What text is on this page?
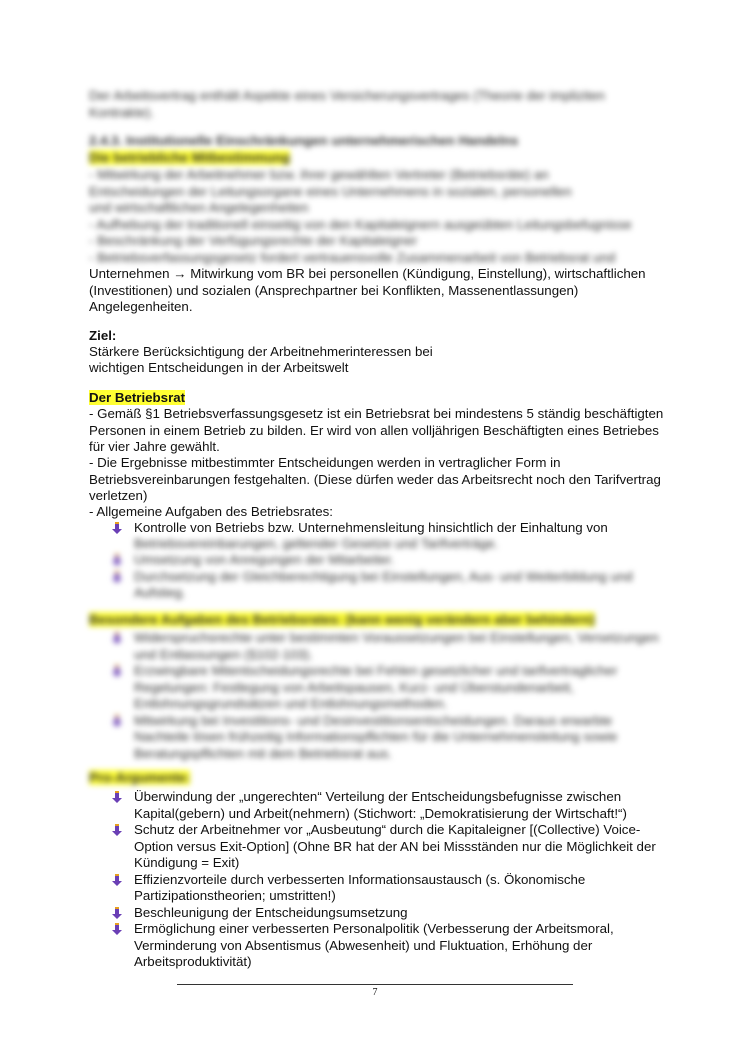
Der Arbeitsvertrag enthält Aspekte eines Versicherungsvertrages (Theorie der impliziten Kontrakte).
2.4.3. Institutionelle Einschränkungen unternehmerischen Handelns
Die betriebliche Mitbestimmung
- Mitwirkung der Arbeitnehmer bzw. ihrer gewählten Vertreter (Betriebsräte) an
Entscheidungen der Leitungsorgane eines Unternehmens in sozialen, personellen
und wirtschaftlichen Angelegenheiten
- Aufhebung der traditionell einseitig von den Kapitaleignern ausgeübten Leitungsbefugnisse
- Beschränkung der Verfügungsrechte der Kapitaleigner
- Betriebsverfassungsgesetz fordert vertrauensvolle Zusammenarbeit von Betriebsrat und
Unternehmen → Mitwirkung vom BR bei personellen (Kündigung, Einstellung), wirtschaftlichen (Investitionen) und sozialen (Ansprechpartner bei Konflikten, Massenentlassungen) Angelegenheiten.
Ziel:
Stärkere Berücksichtigung der Arbeitnehmerinteressen bei
wichtigen Entscheidungen in der Arbeitswelt
Der Betriebsrat
- Gemäß §1 Betriebsverfassungsgesetz ist ein Betriebsrat bei mindestens 5 ständig beschäftigten Personen in einem Betrieb zu bilden. Er wird von allen volljährigen Beschäftigten eines Betriebes für vier Jahre gewählt.
- Die Ergebnisse mitbestimmter Entscheidungen werden in vertraglicher Form in Betriebsvereinbarungen festgehalten. (Diese dürfen weder das Arbeitsrecht noch den Tarifvertrag verletzen)
- Allgemeine Aufgaben des Betriebsrates:
Kontrolle von Betriebs bzw. Unternehmensleitung hinsichtlich der Einhaltung von
Betriebsvereinbarungen, geltender Gesetze und Tarifverträge.
Umsetzung von Anregungen der Mitarbeiter.
Durchsetzung der Gleichberechtigung bei Einstellungen, Aus- und Weiterbildung und Aufstieg.
Besondere Aufgaben des Betriebsrates: (kann wenig verändern aber behindern)
Widerspruchsrechte unter bestimmten Voraussetzungen bei Einstellungen, Versetzungen und Entlassungen (§102-103).
Erzwingbare Mitentscheidungsrechte bei Fehlen gesetzlicher und tarifvertraglicher Regelungen: Festlegung von Arbeitspausen, Kurz- und Überstundenarbeit, Entlohnungsgrundsätzen und Entlohnungsmethoden.
Mitwirkung bei Investitions- und Desinvestitionsentscheidungen. Daraus erwarbte Nachteile lösen frühzeitig Informationspflichten für die Unternehmensleitung sowie Beratungspflichten mit dem Betriebsrat aus.
Pro-Argumente:
Überwindung der „ungerechten“ Verteilung der Entscheidungsbefugnisse zwischen Kapital(gebern) und Arbeit(nehmern) (Stichwort: „Demokratisierung der Wirtschaft!“)
Schutz der Arbeitnehmer vor „Ausbeutung“ durch die Kapitaleigner [(Collective) Voice-Option versus Exit-Option] (Ohne BR hat der AN bei Missständen nur die Möglichkeit der Kündigung = Exit)
Effizienzvorteile durch verbesserten Informationsaustausch (s. Ökonomische Partizipationstheorien; umstritten!)
Beschleunigung der Entscheidungsumsetzung
Ermöglichung einer verbesserten Personalpolitik (Verbesserung der Arbeitsmoral, Verminderung von Absentismus (Abwesenheit) und Fluktuation, Erhöhung der Arbeitsproduktivität)
7
